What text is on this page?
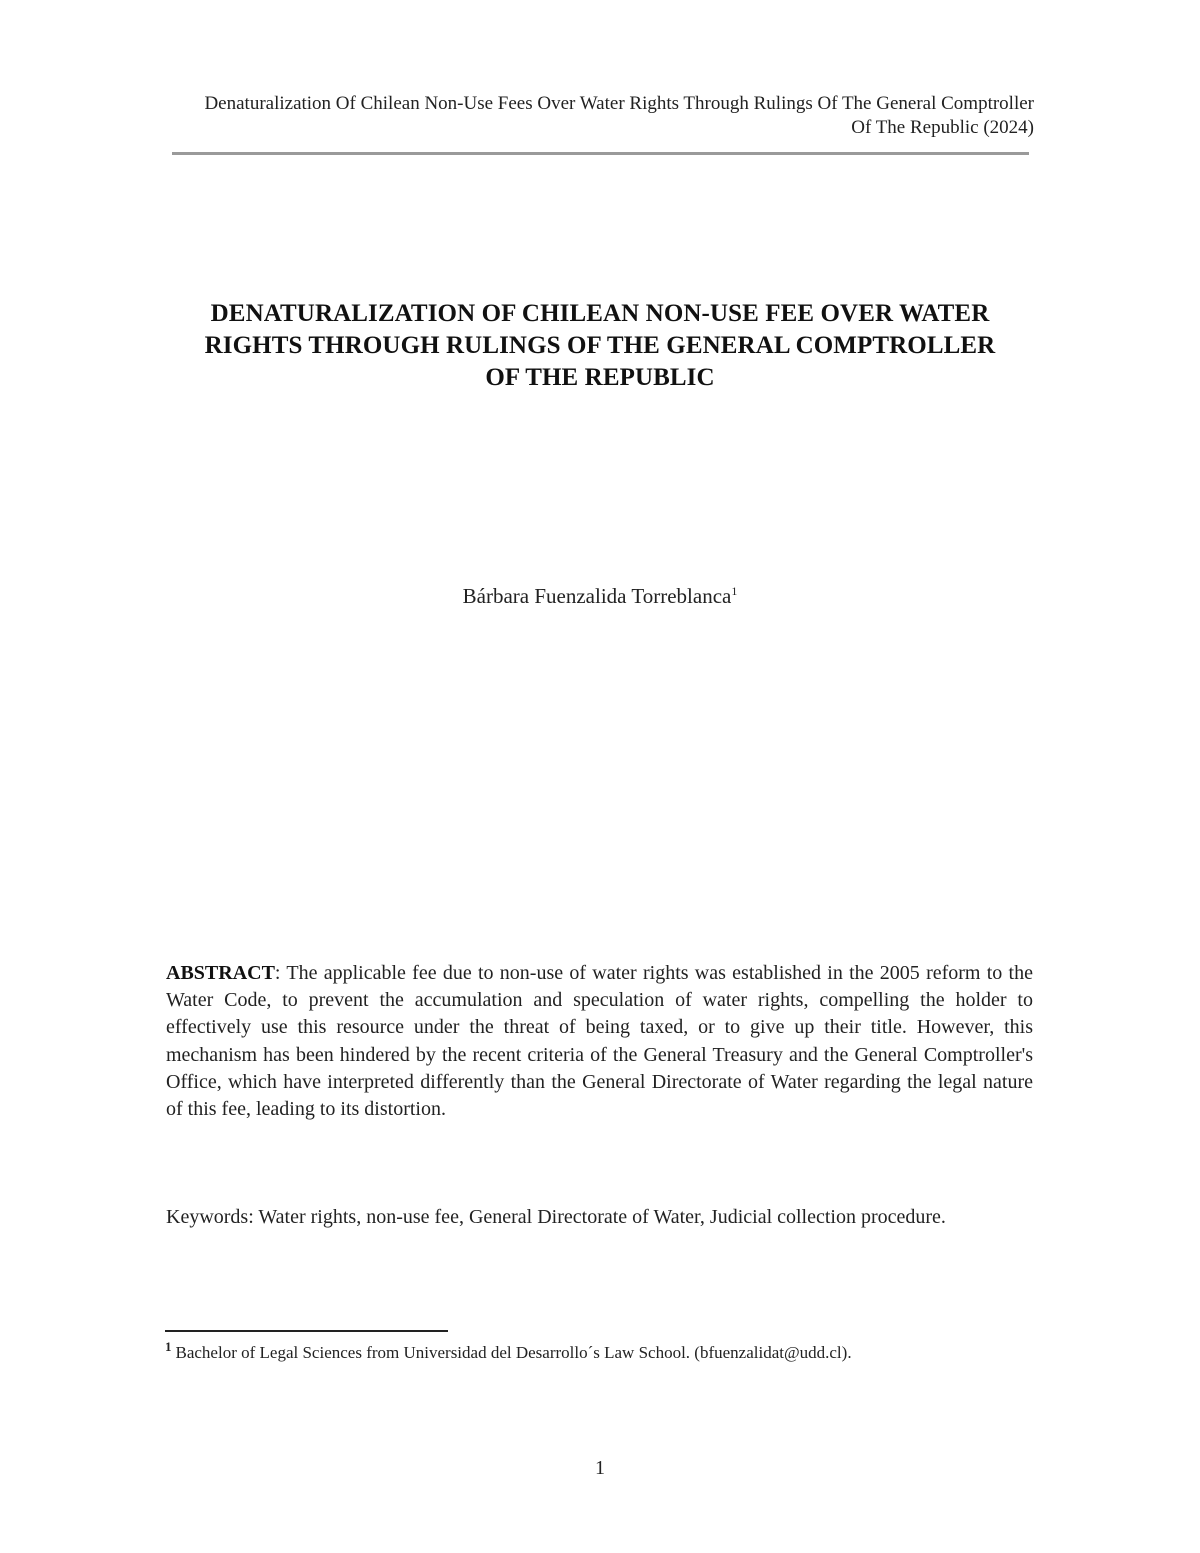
Denaturalization Of Chilean Non-Use Fees Over Water Rights Through Rulings Of The General Comptroller
Of The Republic (2024)
DENATURALIZATION OF CHILEAN NON-USE FEE OVER WATER
RIGHTS THROUGH RULINGS OF THE GENERAL COMPTROLLER
OF THE REPUBLIC
Bárbara Fuenzalida Torreblanca$^1$

ABSTRACT: The applicable fee due to non-use of water rights was established in the 2005 reform to the Water Code, to prevent the accumulation and speculation of water rights, compelling the holder to effectively use this resource under the threat of being taxed, or to give up their title. However, this mechanism has been hindered by the recent criteria of the General Treasury and the General Comptroller's Office, which have interpreted differently than the General Directorate of Water regarding the legal nature of this fee, leading to its distortion.

Keywords: Water rights, non-use fee, General Directorate of Water, Judicial collection procedure.

$^1$ Bachelor of Legal Sciences from Universidad del Desarrollo´s Law School. (bfuenzalidat@udd.cl).
1
